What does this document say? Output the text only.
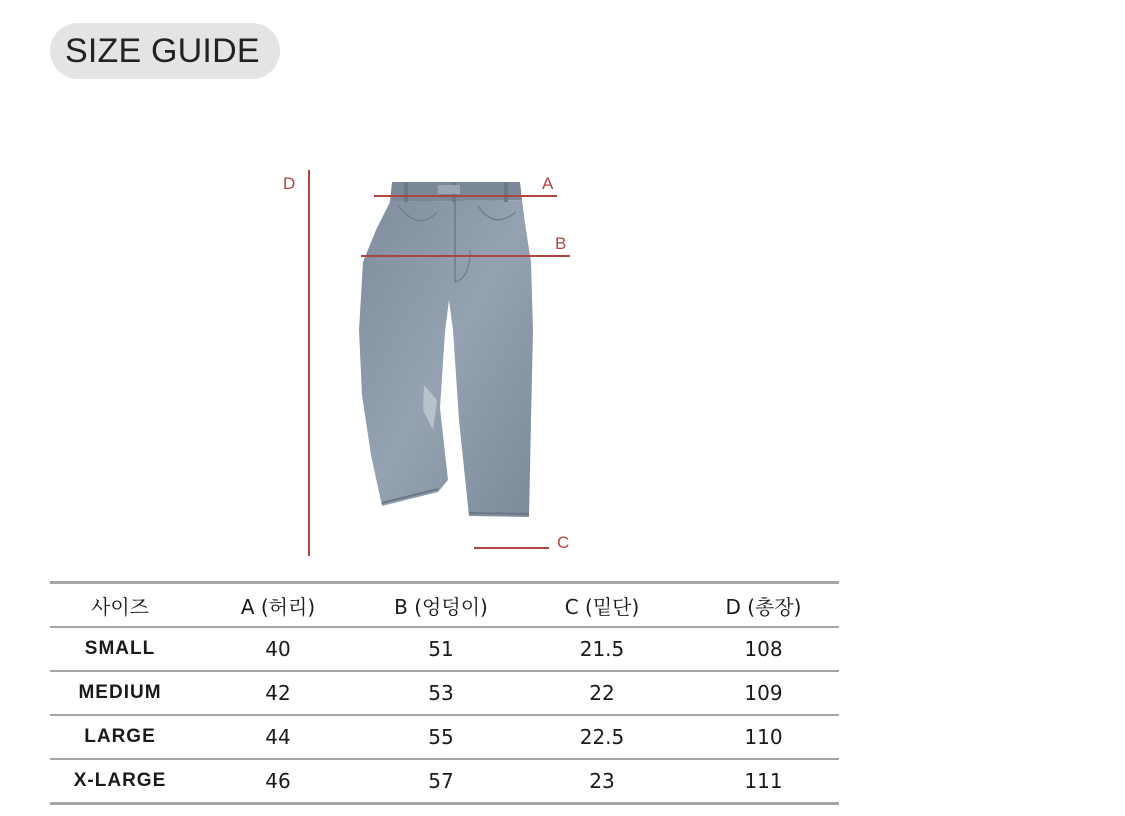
SIZE GUIDE
D	A
B
C
사이즈	A (허리)	B (엉덩이)	C (밑단)	D (총장)
SMALL	40	51	21.5	108
MEDIUM	42	53	22	109
LARGE	44	55	22.5	110
X-LARGE	46	57	23	111
